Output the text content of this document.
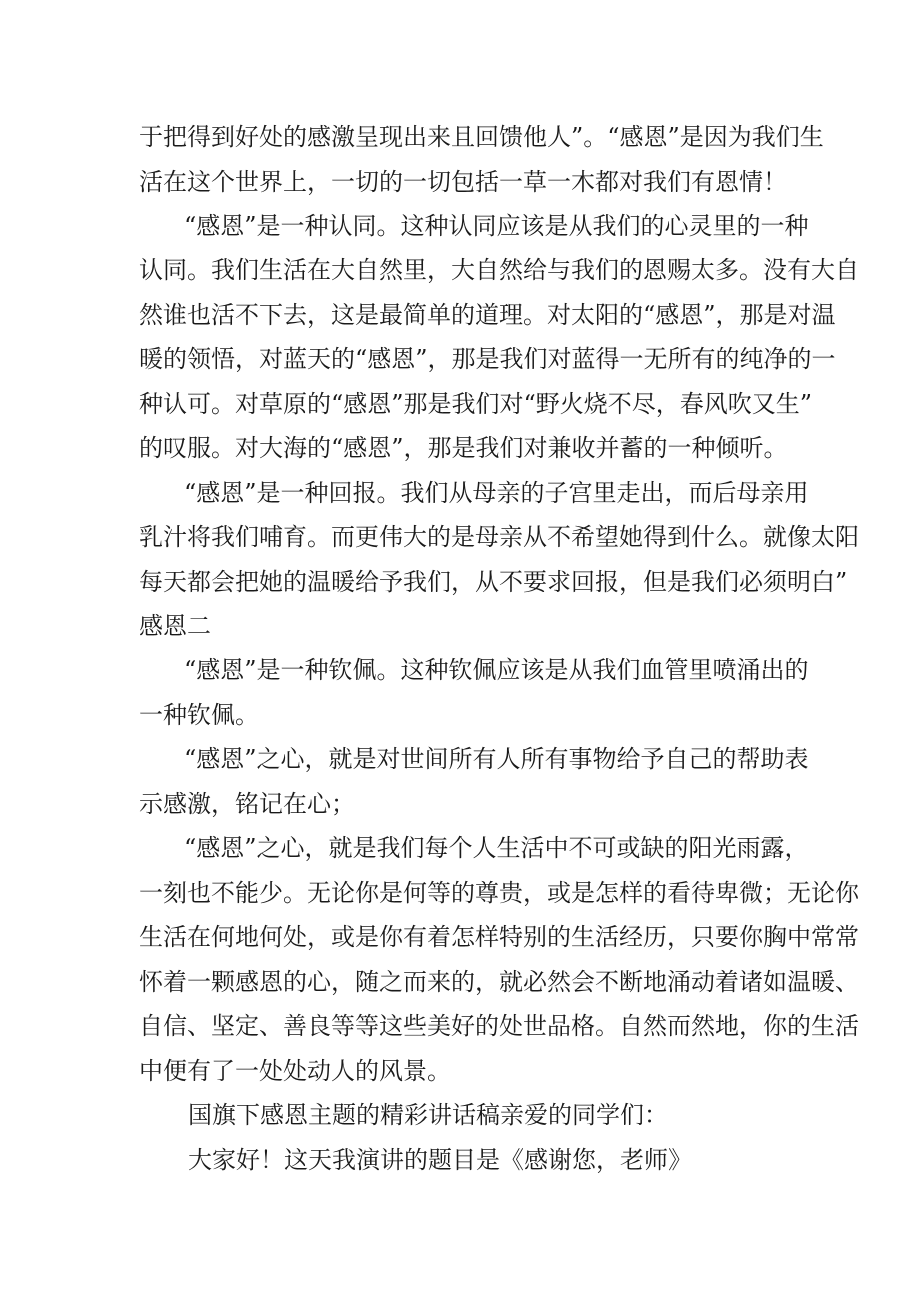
于把得到好处的感激呈现出来且回馈他人”。“感恩”是因为我们生
活在这个世界上，一切的一切包括一草一木都对我们有恩情！
“感恩”是一种认同。这种认同应该是从我们的心灵里的一种
认同。我们生活在大自然里，大自然给与我们的恩赐太多。没有大自
然谁也活不下去，这是最简单的道理。对太阳的“感恩”，那是对温
暖的领悟，对蓝天的“感恩”，那是我们对蓝得一无所有的纯净的一
种认可。对草原的“感恩”那是我们对“野火烧不尽，春风吹又生”
的叹服。对大海的“感恩”，那是我们对兼收并蓄的一种倾听。
“感恩”是一种回报。我们从母亲的子宫里走出，而后母亲用
乳汁将我们哺育。而更伟大的是母亲从不希望她得到什么。就像太阳
每天都会把她的温暖给予我们，从不要求回报，但是我们必须明白”
感恩二
“感恩”是一种钦佩。这种钦佩应该是从我们血管里喷涌出的
一种钦佩。
“感恩”之心，就是对世间所有人所有事物给予自己的帮助表
示感激，铭记在心；
“感恩”之心，就是我们每个人生活中不可或缺的阳光雨露，
一刻也不能少。无论你是何等的尊贵，或是怎样的看待卑微；无论你
生活在何地何处，或是你有着怎样特别的生活经历，只要你胸中常常
怀着一颗感恩的心，随之而来的，就必然会不断地涌动着诸如温暖、
自信、坚定、善良等等这些美好的处世品格。自然而然地，你的生活
中便有了一处处动人的风景。
国旗下感恩主题的精彩讲话稿亲爱的同学们：
大家好！这天我演讲的题目是《感谢您，老师》
